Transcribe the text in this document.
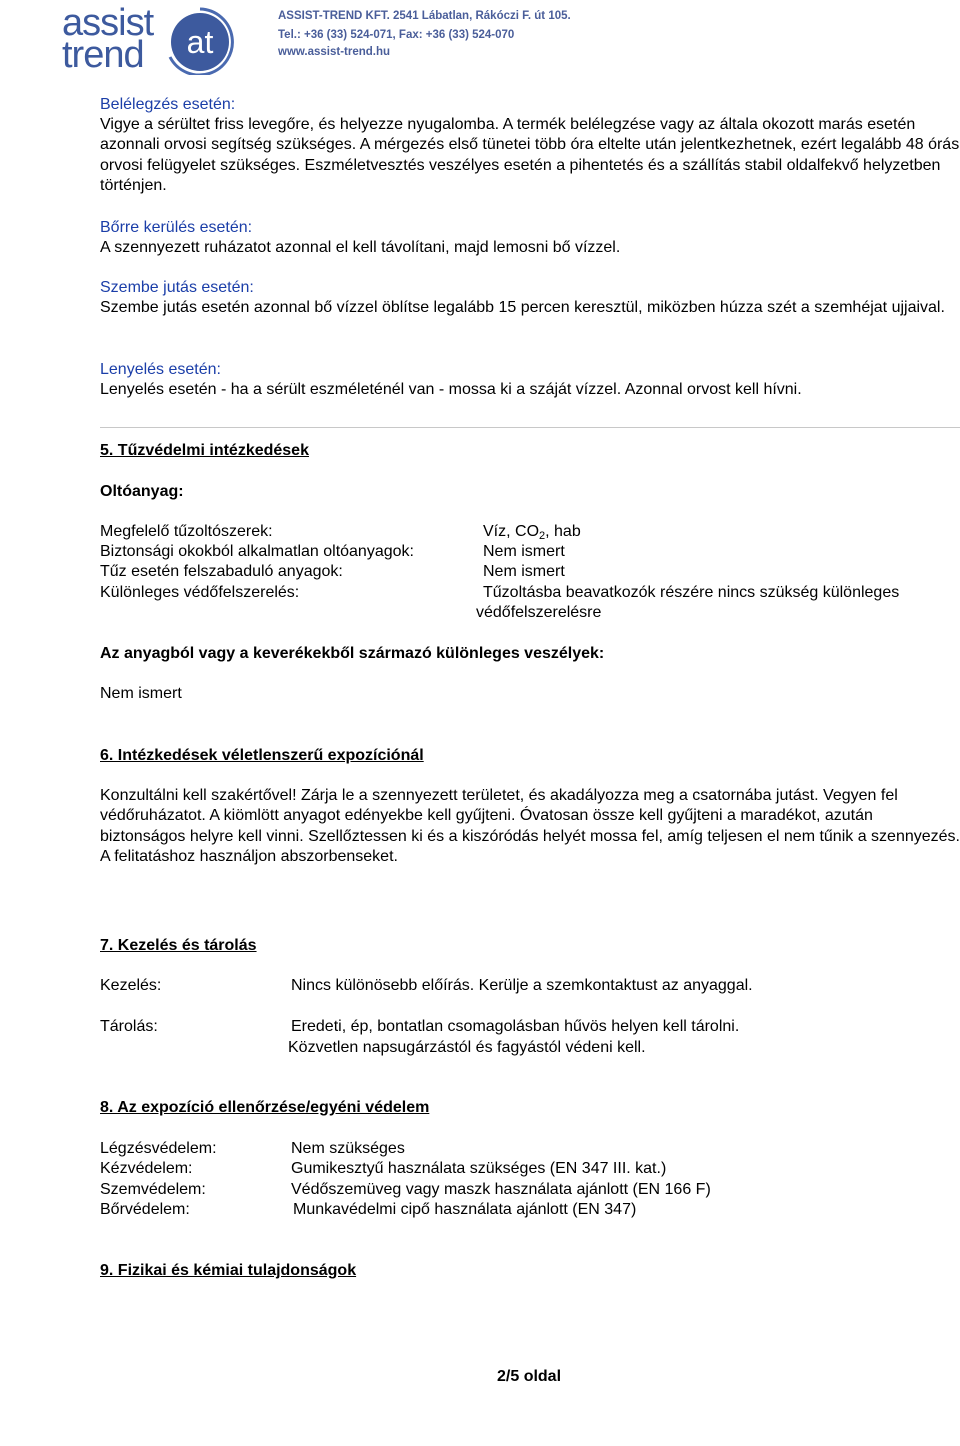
assist
trend at
ASSIST-TREND KFT. 2541 Lábatlan, Rákóczi F. út 105.
Tel.: +36 (33) 524-071, Fax: +36 (33) 524-070
www.assist-trend.hu
Belélegzés esetén:
Vigye a sérültet friss levegőre, és helyezze nyugalomba. A termék belélegzése vagy az általa okozott marás esetén azonnali orvosi segítség szükséges. A mérgezés első tünetei több óra eltelte után jelentkezhetnek, ezért legalább 48 órás orvosi felügyelet szükséges. Eszméletvesztés veszélyes esetén a pihentetés és a szállítás stabil oldalfekvő helyzetben történjen.
Bőrre kerülés esetén:
A szennyezett ruházatot azonnal el kell távolítani, majd lemosni bő vízzel.
Szembe jutás esetén:
Szembe jutás esetén azonnal bő vízzel öblítse legalább 15 percen keresztül, miközben húzza szét a szemhéjat ujjaival.
Lenyelés esetén:
Lenyelés esetén - ha a sérült eszméleténél van - mossa ki a száját vízzel. Azonnal orvost kell hívni.
5. Tűzvédelmi intézkedések
Oltóanyag:
Megfelelő tűzoltószerek:	Víz, $CO_2$, hab
Biztonsági okokból alkalmatlan oltóanyagok:	Nem ismert
Tűz esetén felszabaduló anyagok:	Nem ismert
Különleges védőfelszerelés:	Tűzoltásba beavatkozók részére nincs szükség különleges
védőfelszerelésre
Az anyagból vagy a keverékekből származó különleges veszélyek:
Nem ismert
6. Intézkedések véletlenszerű expozíciónál
Konzultálni kell szakértővel! Zárja le a szennyezett területet, és akadályozza meg a csatornába jutást. Vegyen fel védőruházatot. A kiömlött anyagot edényekbe kell gyűjteni. Óvatosan össze kell gyűjteni a maradékot, azután biztonságos helyre kell vinni. Szellőztessen ki és a kiszóródás helyét mossa fel, amíg teljesen el nem tűnik a szennyezés. A felitatáshoz használjon abszorbenseket.
7. Kezelés és tárolás
Kezelés:	Nincs különösebb előírás. Kerülje a szemkontaktust az anyaggal.
Tárolás:	Eredeti, ép, bontatlan csomagolásban hűvös helyen kell tárolni.
Közvetlen napsugárzástól és fagyástól védeni kell.
8. Az expozíció ellenőrzése/egyéni védelem
Légzésvédelem:	Nem szükséges
Kézvédelem:	Gumikesztyű használata szükséges (EN 347 III. kat.)
Szemvédelem:	Védőszemüveg vagy maszk használata ajánlott (EN 166 F)
Bőrvédelem:	Munkavédelmi cipő használata ajánlott (EN 347)
9. Fizikai és kémiai tulajdonságok
2/5 oldal
